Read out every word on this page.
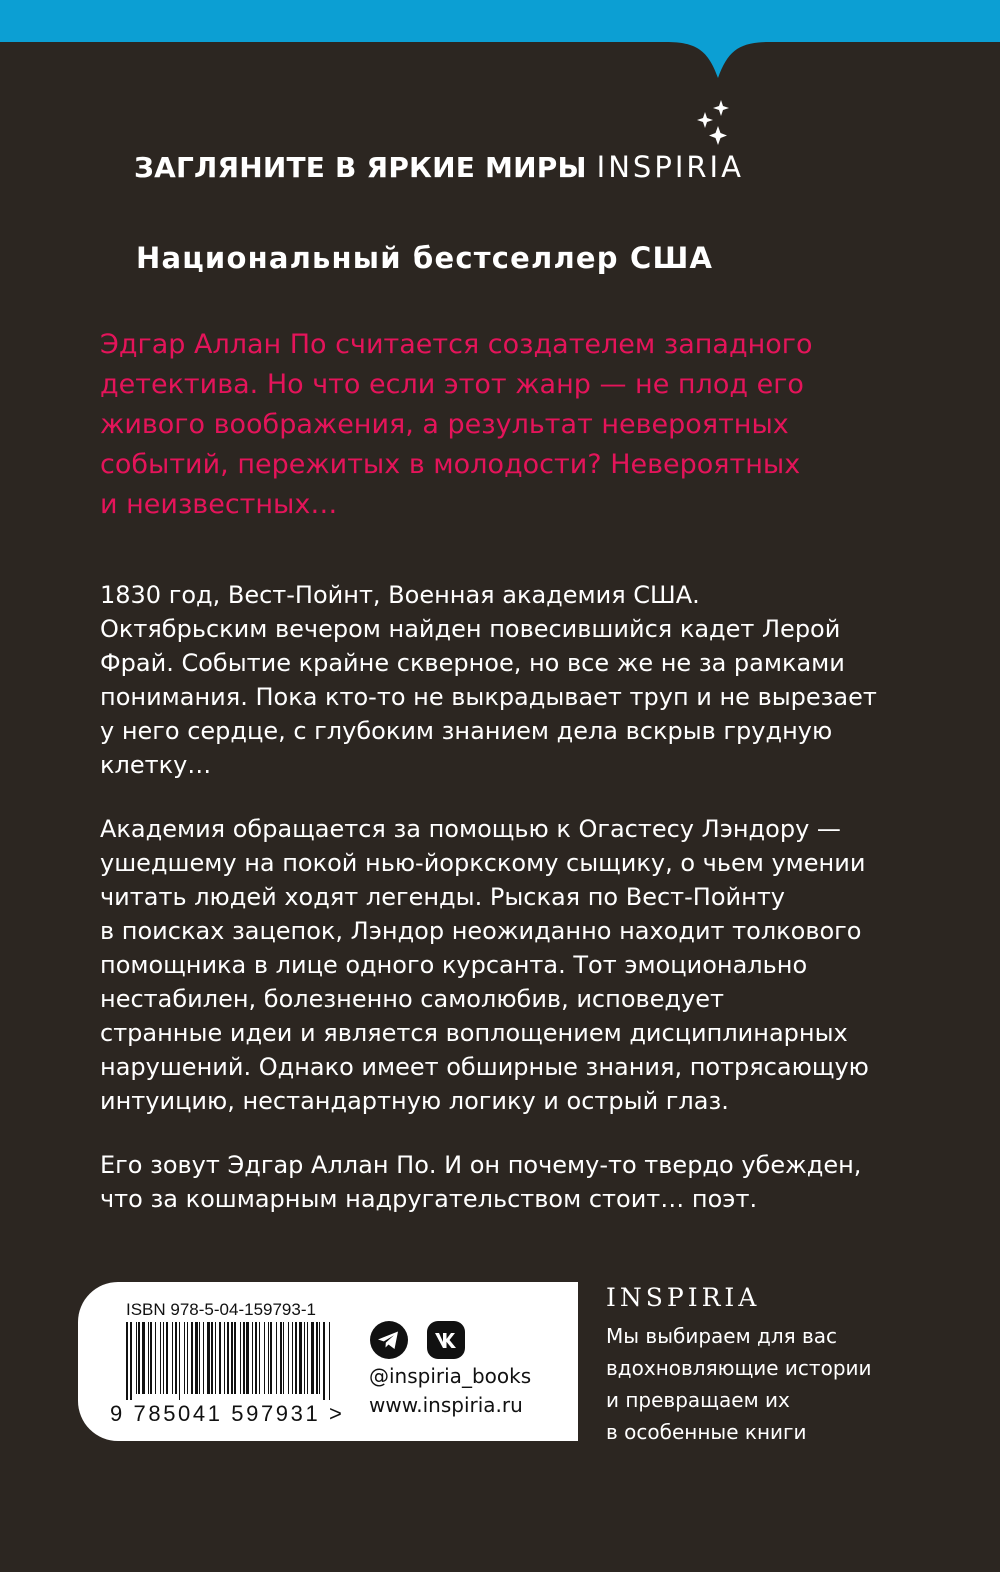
ЗАГЛЯНИТЕ В ЯРКИЕ МИРЫ INSPIRIA
Национальный бестселлер США

Эдгар Аллан По считается создателем западного
детектива. Но что если этот жанр — не плод его
живого воображения, а результат невероятных
событий, пережитых в молодости? Невероятных
и неизвестных…

1830 год, Вест-Пойнт, Военная академия США.
Октябрьским вечером найден повесившийся кадет Лерой
Фрай. Событие крайне скверное, но все же не за рамками
понимания. Пока кто-то не выкрадывает труп и не вырезает
у него сердце, с глубоким знанием дела вскрыв грудную
клетку…

Академия обращается за помощью к Огастесу Лэндору —
ушедшему на покой нью-йоркскому сыщику, о чьем умении
читать людей ходят легенды. Рыская по Вест-Пойнту
в поисках зацепок, Лэндор неожиданно находит толкового
помощника в лице одного курсанта. Тот эмоционально
нестабилен, болезненно самолюбив, исповедует
странные идеи и является воплощением дисциплинарных
нарушений. Однако имеет обширные знания, потрясающую
интуицию, нестандартную логику и острый глаз.

Его зовут Эдгар Аллан По. И он почему-то твердо убежден,
что за кошмарным надругательством стоит… поэт.

ISBN 978-5-04-159793-1
9 785041 597931 >
@inspiria_books
www.inspiria.ru
INSPIRIA
Мы выбираем для вас
вдохновляющие истории
и превращаем их
в особенные книги
